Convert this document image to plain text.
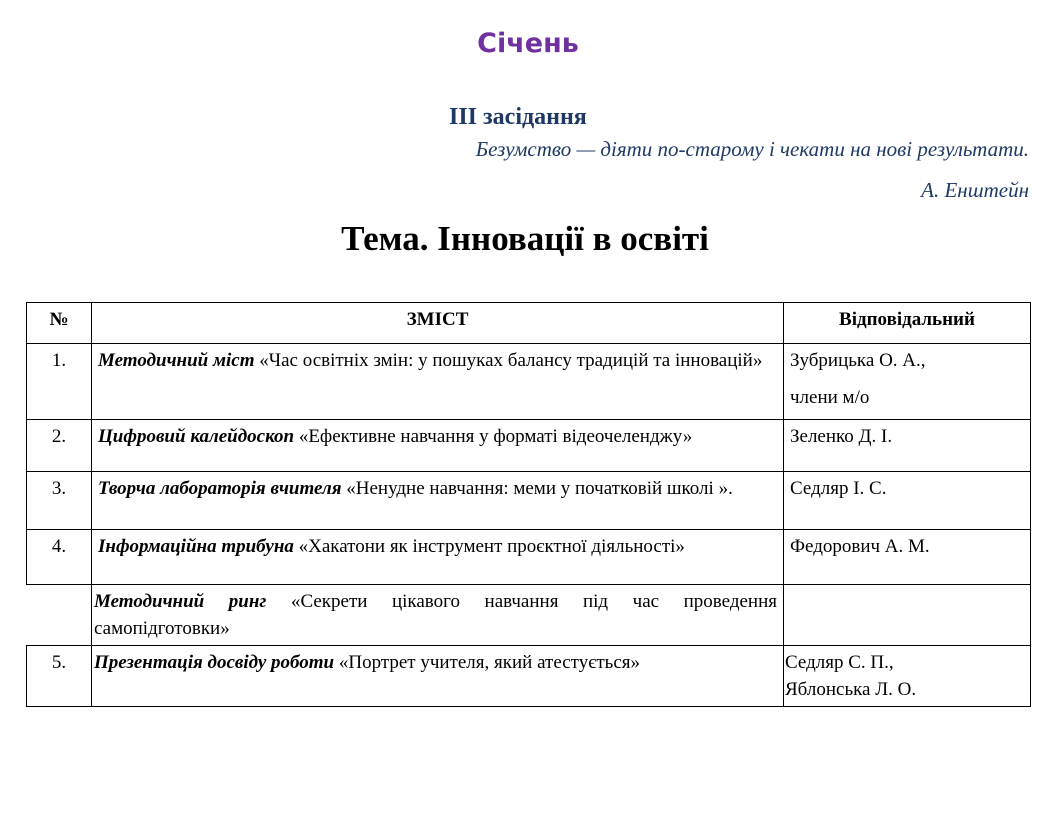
Січень
ІІІ засідання
Безумство — діяти по-старому і чекати на нові результати.
А. Енштейн
Тема. Інновації в освіті
№	ЗМІСТ	Відповідальний
1.	Методичний міст «Час освітніх змін: у пошуках балансу традицій та інновацій»	Зубрицька О. А.,
члени м/о

2.	Цифровий калейдоскоп «Ефективне навчання у форматі відеочеленджу»	Зеленко Д. І.

3.	Творча лабораторія вчителя «Ненудне навчання: меми у початковій школі ».	Седляр І. С.

4.	Інформаційна трибуна «Хакатони як інструмент проєктної діяльності»	Федорович А. М.

	Методичний ринг «Секрети цікавого навчання під час проведення самопідготовки»	
5.	Презентація досвіду роботи «Портрет учителя, який атестується»	Седляр С. П.,
Яблонська Л. О.
